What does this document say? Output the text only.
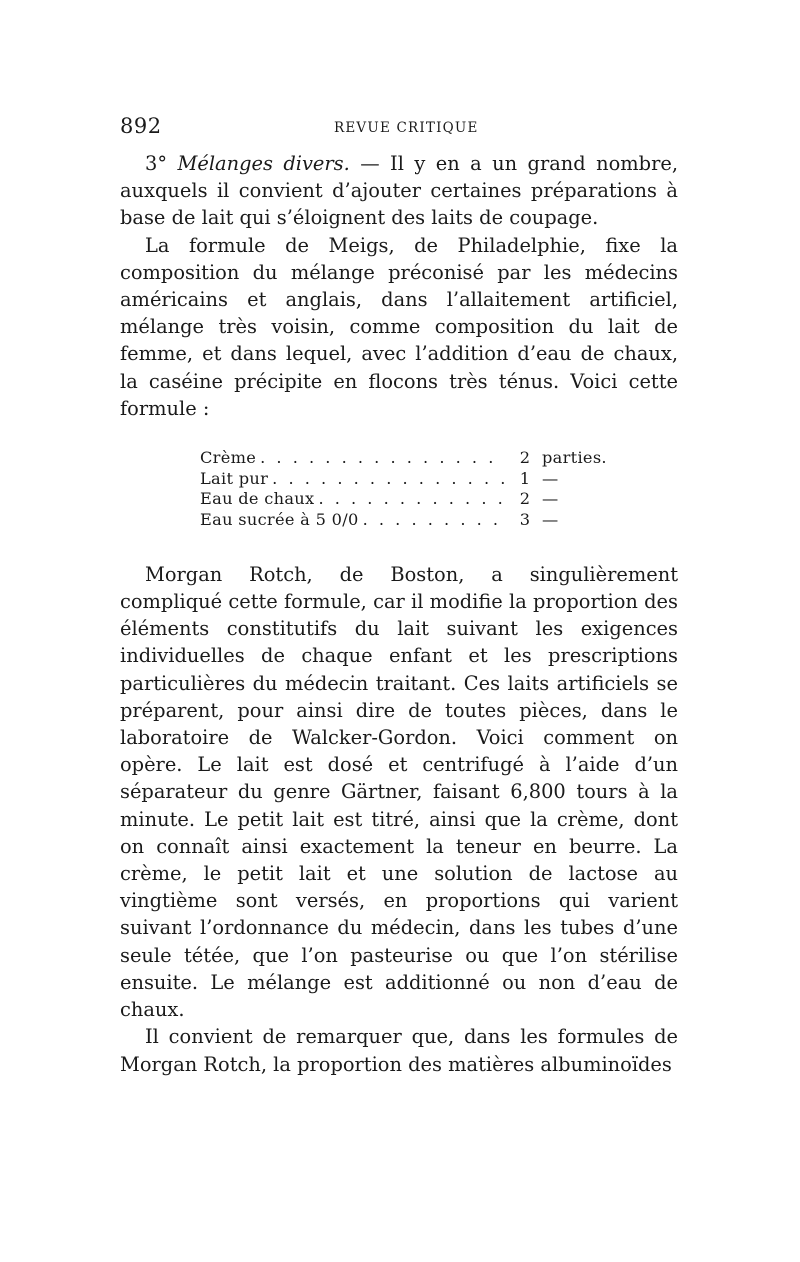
892	REVUE CRITIQUE

3° Mélanges divers. — Il y en a un grand nombre, auxquels il convient d’ajouter certaines préparations à base de lait qui s’éloignent des laits de coupage.

La formule de Meigs, de Philadelphie, fixe la composition du mélange préconisé par les médecins américains et anglais, dans l’allaitement artificiel, mélange très voisin, comme composition du lait de femme, et dans lequel, avec l’addition d’eau de chaux, la caséine précipite en flocons très ténus. Voici cette formule :

Crème . . .	2 parties.
Lait pur . . .	1 —
Eau de chaux . . .	2 —
Eau sucrée à 5 0/0 . . .	3 —

Morgan Rotch, de Boston, a singulièrement compliqué cette formule, car il modifie la proportion des éléments constitutifs du lait suivant les exigences individuelles de chaque enfant et les prescriptions particulières du médecin traitant. Ces laits artificiels se préparent, pour ainsi dire de toutes pièces, dans le laboratoire de Walcker-Gordon. Voici comment on opère. Le lait est dosé et centrifugé à l’aide d’un séparateur du genre Gärtner, faisant 6,800 tours à la minute. Le petit lait est titré, ainsi que la crème, dont on connaît ainsi exactement la teneur en beurre. La crème, le petit lait et une solution de lactose au vingtième sont versés, en proportions qui varient suivant l’ordonnance du médecin, dans les tubes d’une seule tétée, que l’on pasteurise ou que l’on stérilise ensuite. Le mélange est additionné ou non d’eau de chaux.

Il convient de remarquer que, dans les formules de Morgan Rotch, la proportion des matières albuminoïdes
